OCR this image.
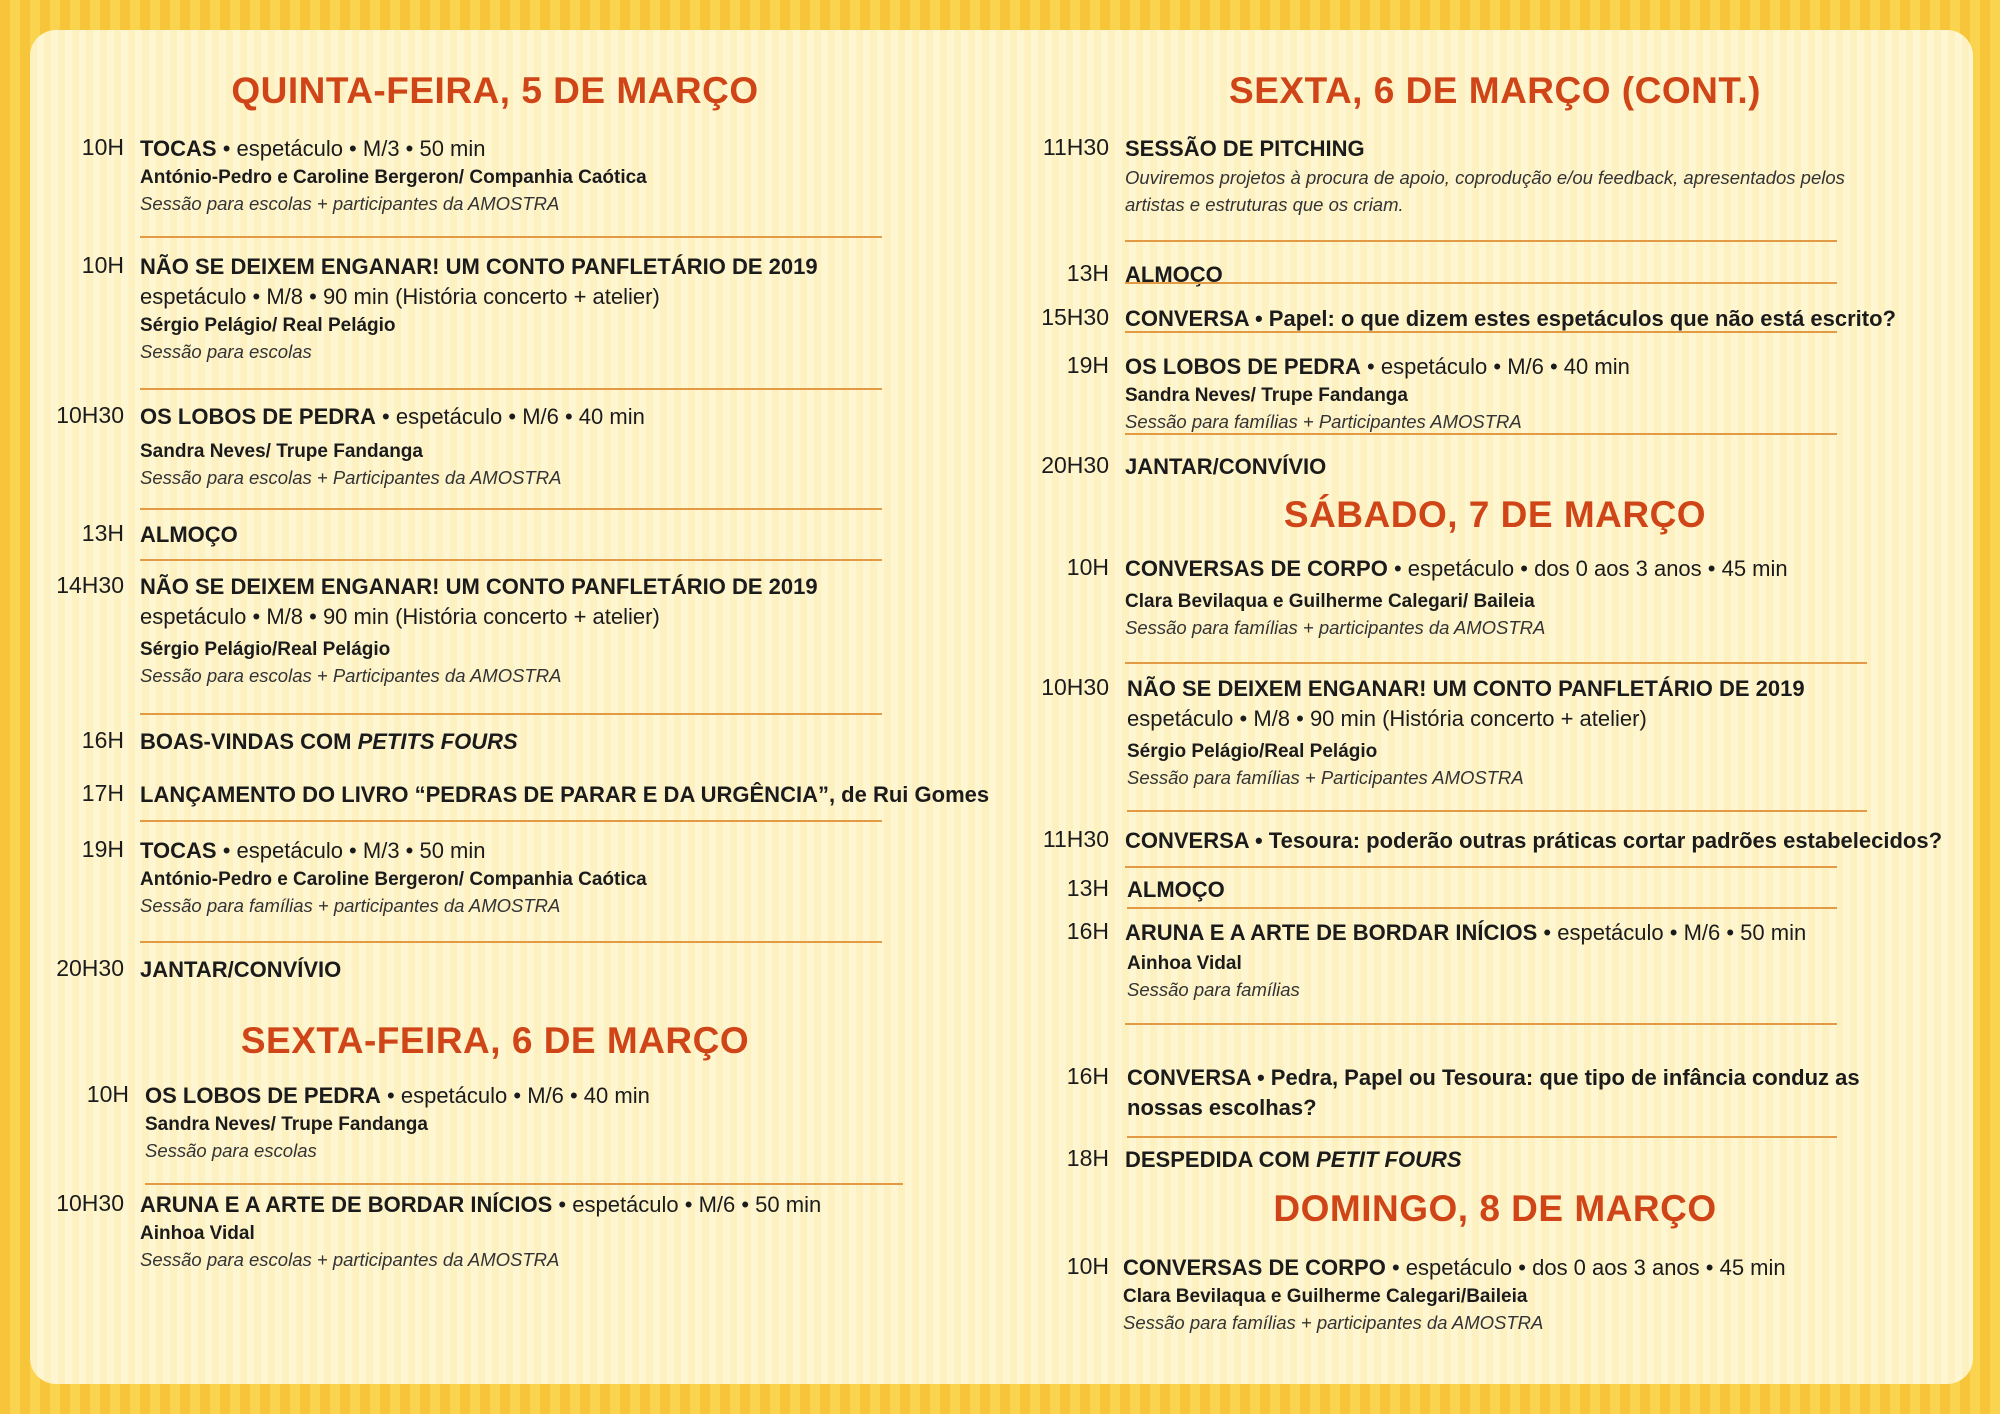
QUINTA-FEIRA, 5 DE MARÇO
10H TOCAS • espetáculo • M/3 • 50 min
António-Pedro e Caroline Bergeron/ Companhia Caótica
Sessão para escolas + participantes da AMOSTRA
10H NÃO SE DEIXEM ENGANAR! UM CONTO PANFLETÁRIO DE 2019
espetáculo • M/8 • 90 min (História concerto + atelier)
Sérgio Pelágio/ Real Pelágio
Sessão para escolas
10H30 OS LOBOS DE PEDRA • espetáculo • M/6 • 40 min
Sandra Neves/ Trupe Fandanga
Sessão para escolas + Participantes da AMOSTRA
13H ALMOÇO
14H30 NÃO SE DEIXEM ENGANAR! UM CONTO PANFLETÁRIO DE 2019
espetáculo • M/8 • 90 min (História concerto + atelier)
Sérgio Pelágio/Real Pelágio
Sessão para escolas + Participantes da AMOSTRA
16H BOAS-VINDAS COM PETITS FOURS
17H LANÇAMENTO DO LIVRO “PEDRAS DE PARAR E DA URGÊNCIA”, de Rui Gomes
19H TOCAS • espetáculo • M/3 • 50 min
António-Pedro e Caroline Bergeron/ Companhia Caótica
Sessão para famílias + participantes da AMOSTRA
20H30 JANTAR/CONVÍVIO
SEXTA-FEIRA, 6 DE MARÇO
10H OS LOBOS DE PEDRA • espetáculo • M/6 • 40 min
Sandra Neves/ Trupe Fandanga
Sessão para escolas
10H30 ARUNA E A ARTE DE BORDAR INÍCIOS • espetáculo • M/6 • 50 min
Ainhoa Vidal
Sessão para escolas + participantes da AMOSTRA
SEXTA, 6 DE MARÇO (CONT.)
11H30 SESSÃO DE PITCHING
Ouviremos projetos à procura de apoio, coprodução e/ou feedback, apresentados pelos artistas e estruturas que os criam.
13H ALMOÇO
15H30 CONVERSA • Papel: o que dizem estes espetáculos que não está escrito?
19H OS LOBOS DE PEDRA • espetáculo • M/6 • 40 min
Sandra Neves/ Trupe Fandanga
Sessão para famílias + Participantes AMOSTRA
20H30 JANTAR/CONVÍVIO
SÁBADO, 7 DE MARÇO
10H CONVERSAS DE CORPO • espetáculo • dos 0 aos 3 anos • 45 min
Clara Bevilaqua e Guilherme Calegari/ Baileia
Sessão para famílias + participantes da AMOSTRA
10H30 NÃO SE DEIXEM ENGANAR! UM CONTO PANFLETÁRIO DE 2019
espetáculo • M/8 • 90 min (História concerto + atelier)
Sérgio Pelágio/Real Pelágio
Sessão para famílias + Participantes AMOSTRA
11H30 CONVERSA • Tesoura: poderão outras práticas cortar padrões estabelecidos?
13H ALMOÇO
16H ARUNA E A ARTE DE BORDAR INÍCIOS • espetáculo • M/6 • 50 min
Ainhoa Vidal
Sessão para famílias
16H CONVERSA • Pedra, Papel ou Tesoura: que tipo de infância conduz as
nossas escolhas?
18H DESPEDIDA COM PETIT FOURS
DOMINGO, 8 DE MARÇO
10H CONVERSAS DE CORPO • espetáculo • dos 0 aos 3 anos • 45 min
Clara Bevilaqua e Guilherme Calegari/Baileia
Sessão para famílias + participantes da AMOSTRA
